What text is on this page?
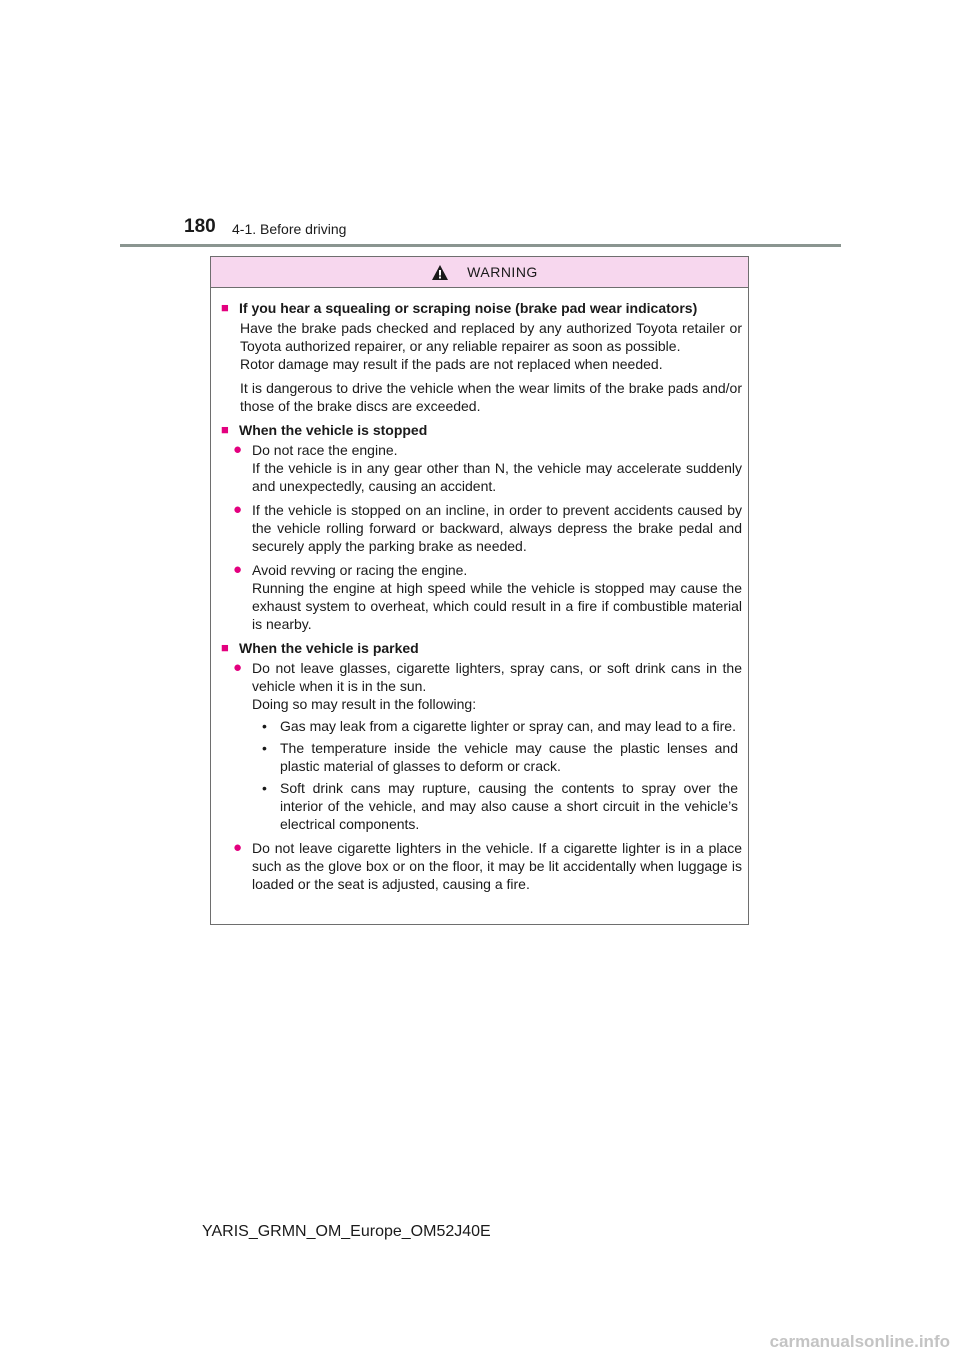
180 4-1. Before driving
WARNING
■ If you hear a squealing or scraping noise (brake pad wear indicators)
Have the brake pads checked and replaced by any authorized Toyota retailer or Toyota authorized repairer, or any reliable repairer as soon as possible.
Rotor damage may result if the pads are not replaced when needed.
It is dangerous to drive the vehicle when the wear limits of the brake pads and/or those of the brake discs are exceeded.
■ When the vehicle is stopped
● Do not race the engine.
If the vehicle is in any gear other than N, the vehicle may accelerate suddenly and unexpectedly, causing an accident.
● If the vehicle is stopped on an incline, in order to prevent accidents caused by the vehicle rolling forward or backward, always depress the brake pedal and securely apply the parking brake as needed.
● Avoid revving or racing the engine.
Running the engine at high speed while the vehicle is stopped may cause the exhaust system to overheat, which could result in a fire if combustible material is nearby.
■ When the vehicle is parked
● Do not leave glasses, cigarette lighters, spray cans, or soft drink cans in the vehicle when it is in the sun.
Doing so may result in the following:
• Gas may leak from a cigarette lighter or spray can, and may lead to a fire.
• The temperature inside the vehicle may cause the plastic lenses and plastic material of glasses to deform or crack.
• Soft drink cans may rupture, causing the contents to spray over the interior of the vehicle, and may also cause a short circuit in the vehicle’s electrical components.
● Do not leave cigarette lighters in the vehicle. If a cigarette lighter is in a place such as the glove box or on the floor, it may be lit accidentally when luggage is loaded or the seat is adjusted, causing a fire.
YARIS_GRMN_OM_Europe_OM52J40E
carmanualsonline.info
